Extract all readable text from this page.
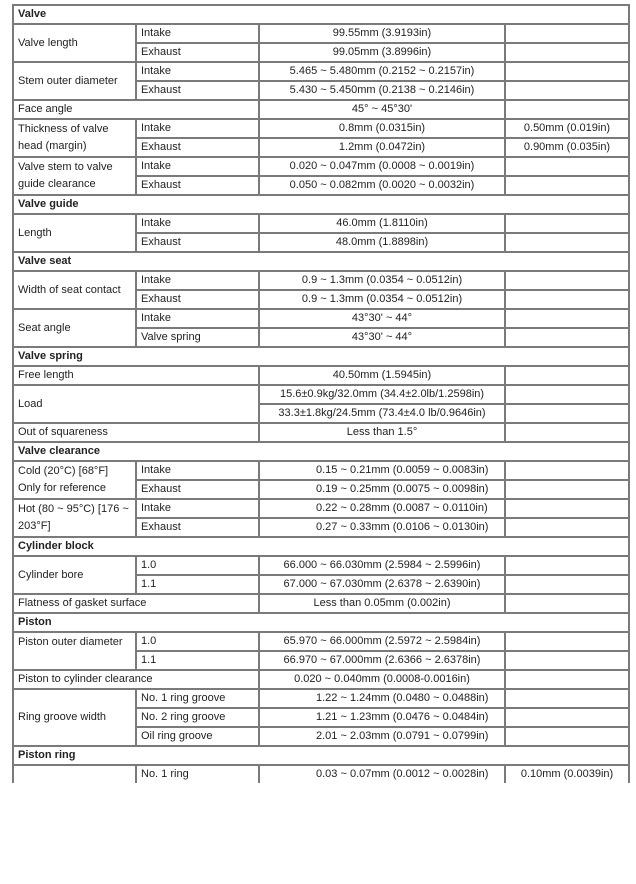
Valve			
Valve length	Intake	99.55mm (3.9193in)	
	Exhaust	99.05mm (3.8996in)	
Stem outer diameter	Intake	5.465 ~ 5.480mm (0.2152 ~ 0.2157in)	
	Exhaust	5.430 ~ 5.450mm (0.2138 ~ 0.2146in)	
Face angle		45° ~ 45°30'	
Thickness of valve head (margin)	Intake	0.8mm (0.0315in)	0.50mm (0.019in)
	Exhaust	1.2mm (0.0472in)	0.90mm (0.035in)
Valve stem to valve guide clearance	Intake	0.020 ~ 0.047mm (0.0008 ~ 0.0019in)	
	Exhaust	0.050 ~ 0.082mm (0.0020 ~ 0.0032in)	
Valve guide			
Length	Intake	46.0mm (1.8110in)	
	Exhaust	48.0mm (1.8898in)	
Valve seat			
Width of seat contact	Intake	0.9 ~ 1.3mm (0.0354 ~ 0.0512in)	
	Exhaust	0.9 ~ 1.3mm (0.0354 ~ 0.0512in)	
Seat angle	Intake	43°30' ~ 44°	
	Valve spring	43°30' ~ 44°	
Valve spring			
Free length		40.50mm (1.5945in)	
Load		15.6±0.9kg/32.0mm (34.4±2.0lb/1.2598in)	
		33.3±1.8kg/24.5mm (73.4±4.0 lb/0.9646in)	
Out of squareness		Less than 1.5°	
Valve clearance			
Cold (20°C) [68°F] Only for reference	Intake	0.15 ~ 0.21mm (0.0059 ~ 0.0083in)	
	Exhaust	0.19 ~ 0.25mm (0.0075 ~ 0.0098in)	
Hot (80 ~ 95°C) [176 ~ 203°F]	Intake	0.22 ~ 0.28mm (0.0087 ~ 0.0110in)	
	Exhaust	0.27 ~ 0.33mm (0.0106 ~ 0.0130in)	
Cylinder block			
Cylinder bore	1.0	66.000 ~ 66.030mm (2.5984 ~ 2.5996in)	
	1.1	67.000 ~ 67.030mm (2.6378 ~ 2.6390in)	
Flatness of gasket surface		Less than 0.05mm (0.002in)	
Piston			
Piston outer diameter	1.0	65.970 ~ 66.000mm (2.5972 ~ 2.5984in)	
	1.1	66.970 ~ 67.000mm (2.6366 ~ 2.6378in)	
Piston to cylinder clearance		0.020 ~ 0.040mm (0.0008-0.0016in)	
Ring groove width	No. 1 ring groove	1.22 ~ 1.24mm (0.0480 ~ 0.0488in)	
	No. 2 ring groove	1.21 ~ 1.23mm (0.0476 ~ 0.0484in)	
	Oil ring groove	2.01 ~ 2.03mm (0.0791 ~ 0.0799in)	
Piston ring			
	No. 1 ring	0.03 ~ 0.07mm (0.0012 ~ 0.0028in)	0.10mm (0.0039in)
